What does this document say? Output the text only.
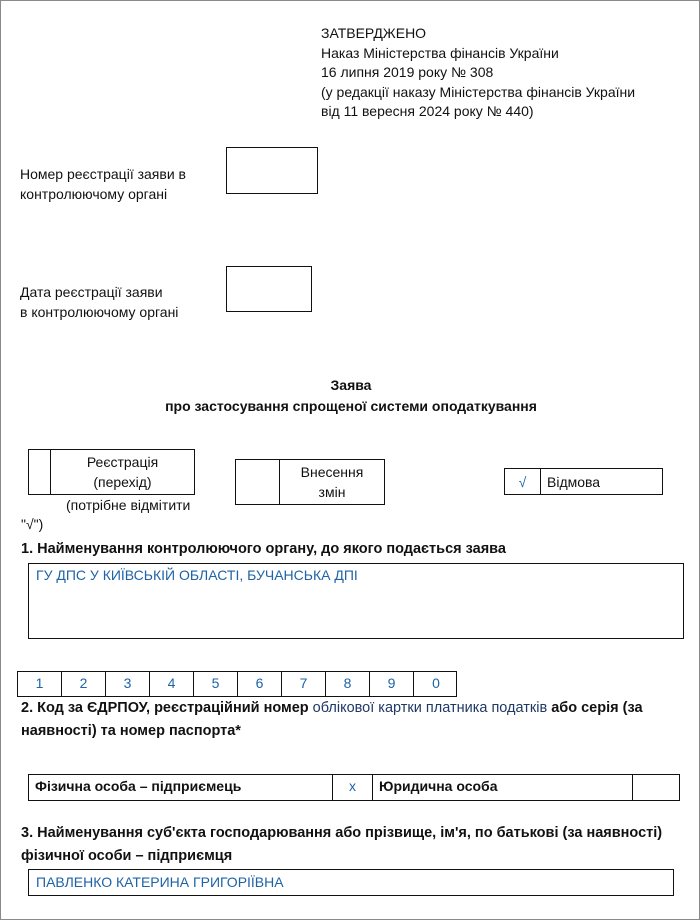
ЗАТВЕРДЖЕНО
Наказ Міністерства фінансів України
16 липня 2019 року № 308
(у редакції наказу Міністерства фінансів України
від 11 вересня 2024 року № 440)
Номер реєстрації заяви в
контролюючому органі
Дата реєстрації заяви
в контролюючому органі
Заява
про застосування спрощеної системи оподаткування
Реєстрація
(перехід)
(потрібне відмітити
"√")
Внесення
змін
√ Відмова
1. Найменування контролюючого органу, до якого подається заява
ГУ ДПС У КИЇВСЬКІЙ ОБЛАСТІ, БУЧАНСЬКА ДПІ
1	2	3	4	5	6	7	8	9	0
2. Код за ЄДРПОУ, реєстраційний номер облікової картки платника податків або серія (за
наявності) та номер паспорта*
Фізична особа – підприємець	x	Юридична особа
3. Найменування суб'єкта господарювання або прізвище, ім'я, по батькові (за наявності)
фізичної особи – підприємця
ПАВЛЕНКО КАТЕРИНА ГРИГОРІЇВНА
